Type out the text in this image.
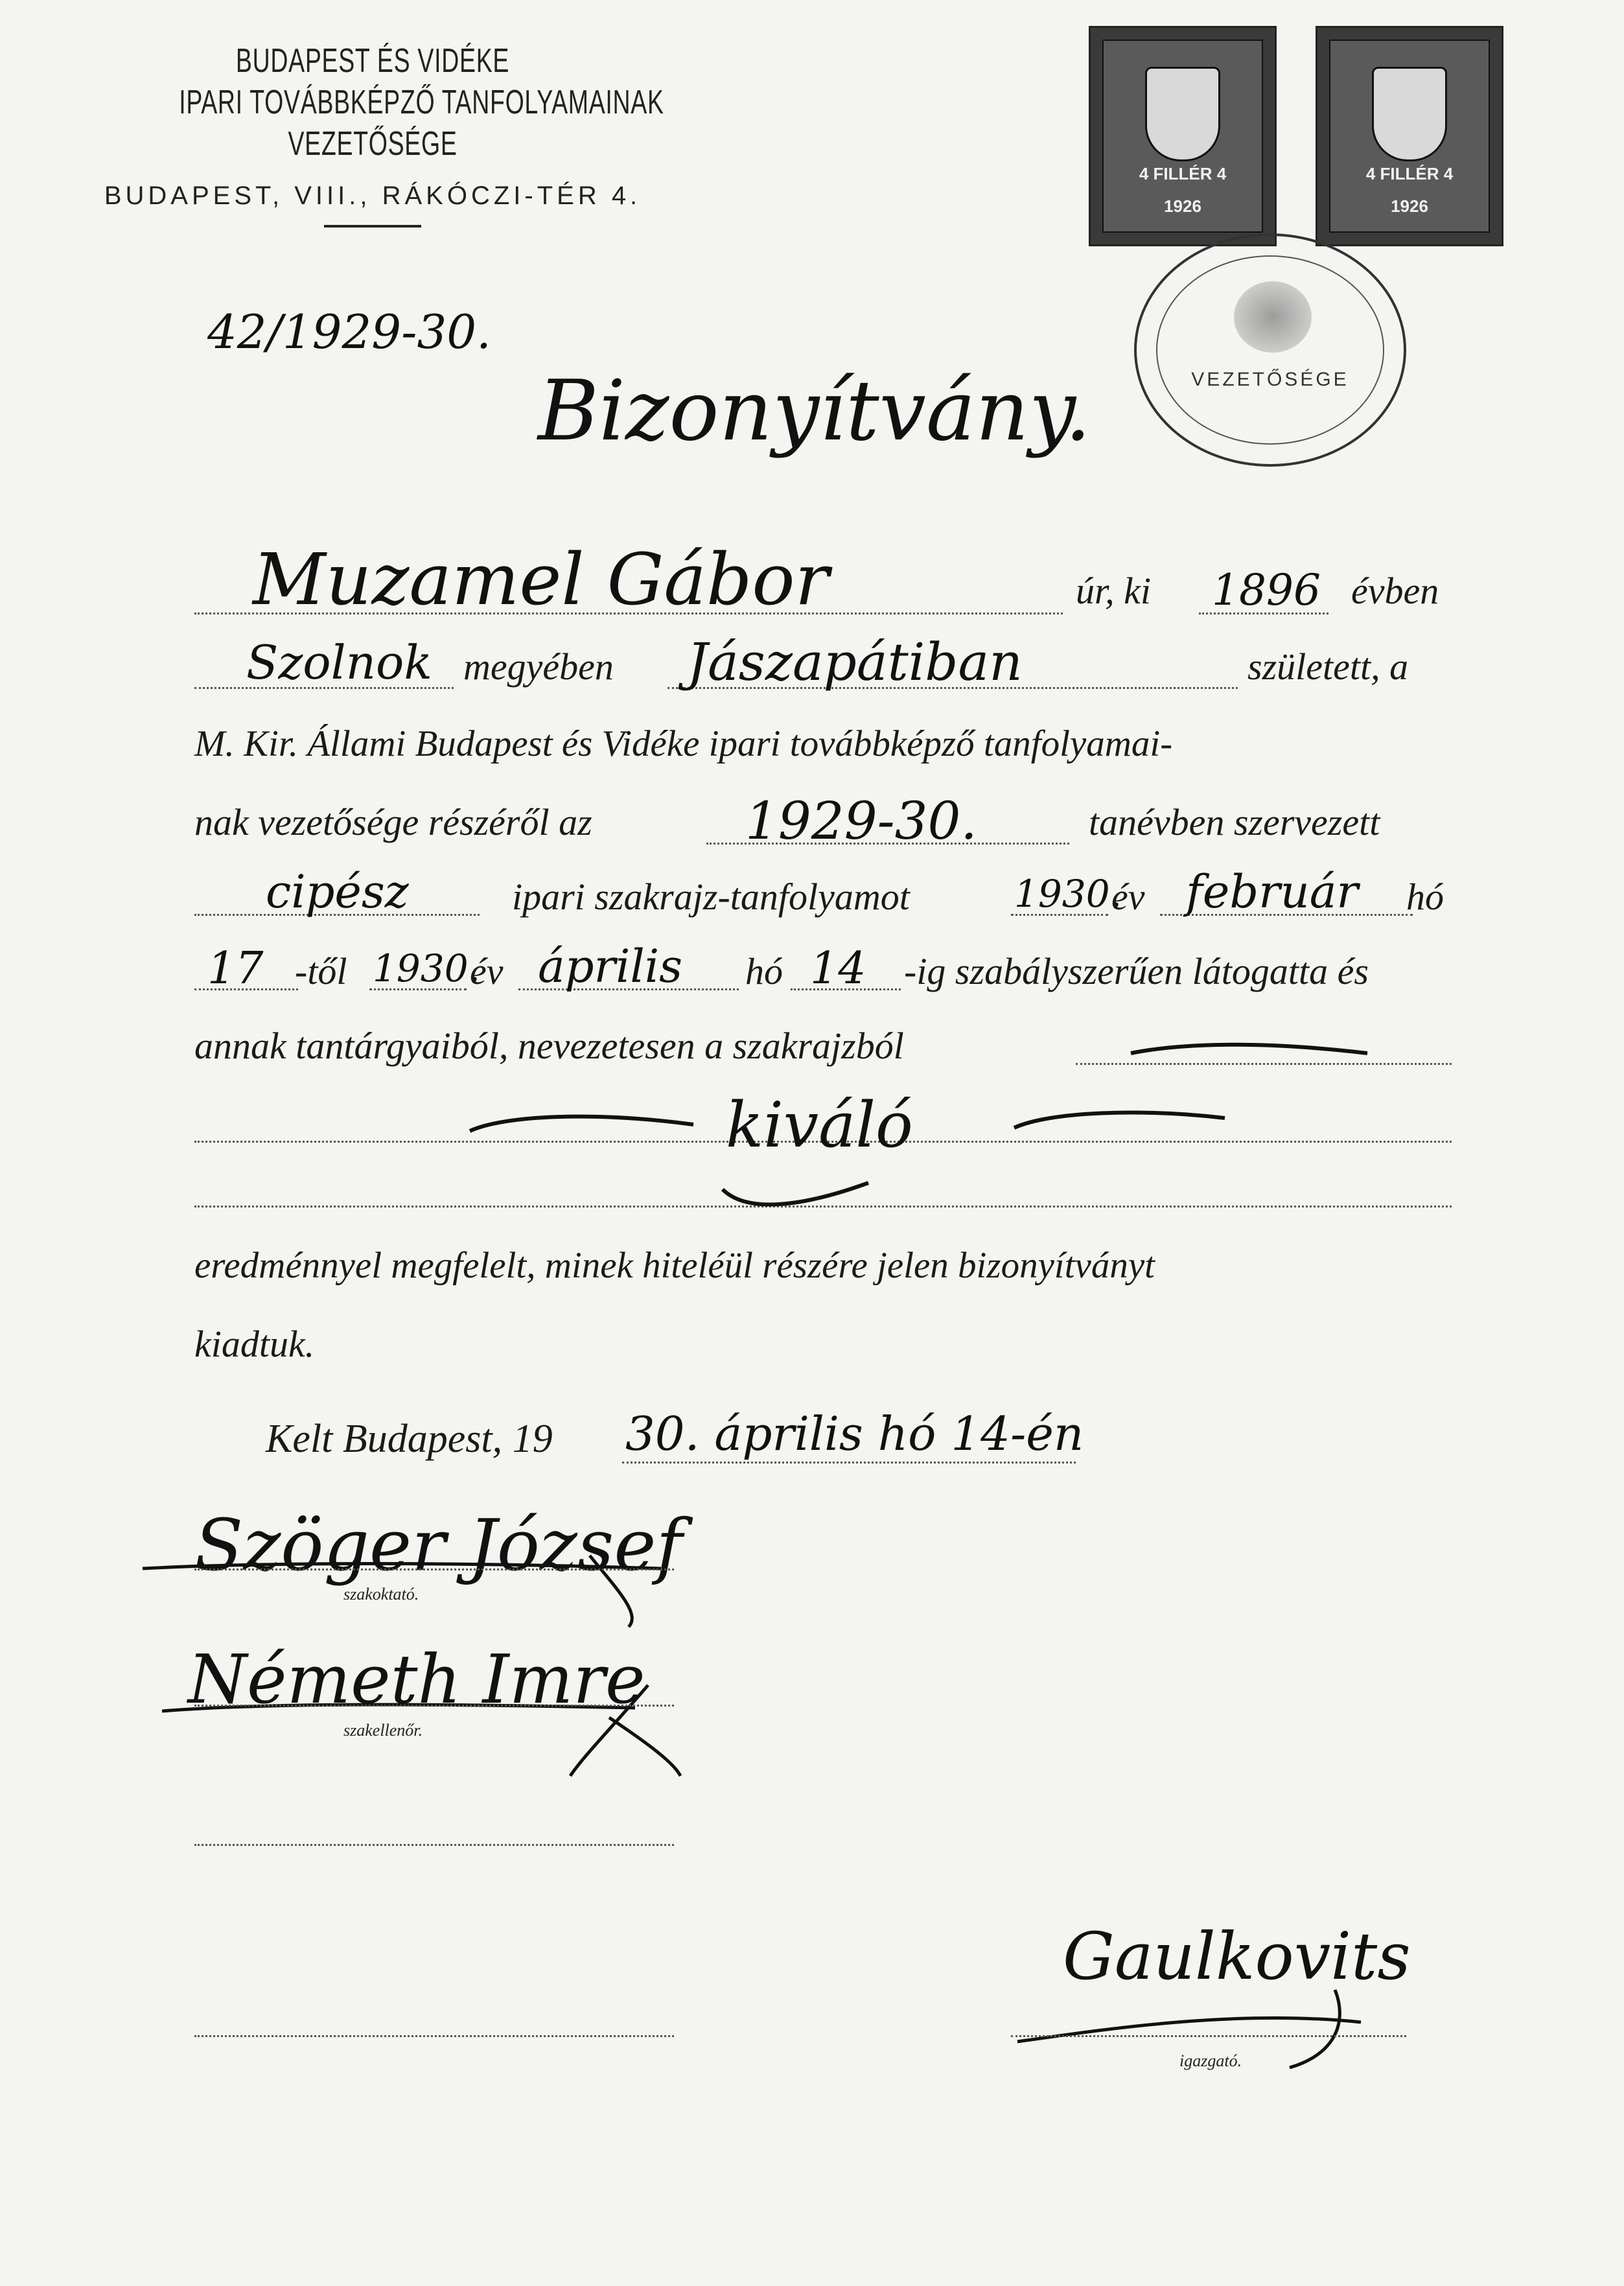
BUDAPEST ÉS VIDÉKE
IPARI TOVÁBBKÉPZŐ TANFOLYAMAINAK
VEZETŐSÉGE
BUDAPEST, VIII., RÁKÓCZI-TÉR 4.
42/1929-30.
Bizonyítvány.
4 FILLÉR 4
1926
4 FILLÉR 4
1926
VEZETŐSÉGE
Muzamel Gábor	úr, ki 1896 évben
Szolnok megyében Jászapátiban	született, a
M. Kir. Állami Budapest és Vidéke ipari továbbképző tanfolyamai-
nak vezetősége részéről az	1929-30.	tanévben szervezett
cipész	ipari szakrajz-tanfolyamot	1930.
év február hó
17 -től 1930.
év április hó 14 -ig szabályszerűen látogatta és
annak tantárgyaiból, nevezetesen a szakrajzból
kiváló
eredménnyel megfelelt, minek hiteléül részére jelen bizonyítványt
kiadtuk.
Kelt Budapest, 19 30. április hó 14-én
Szöger József
szakoktató.
Németh Imre
szakellenőr.
Gaulkovits
igazgató.
